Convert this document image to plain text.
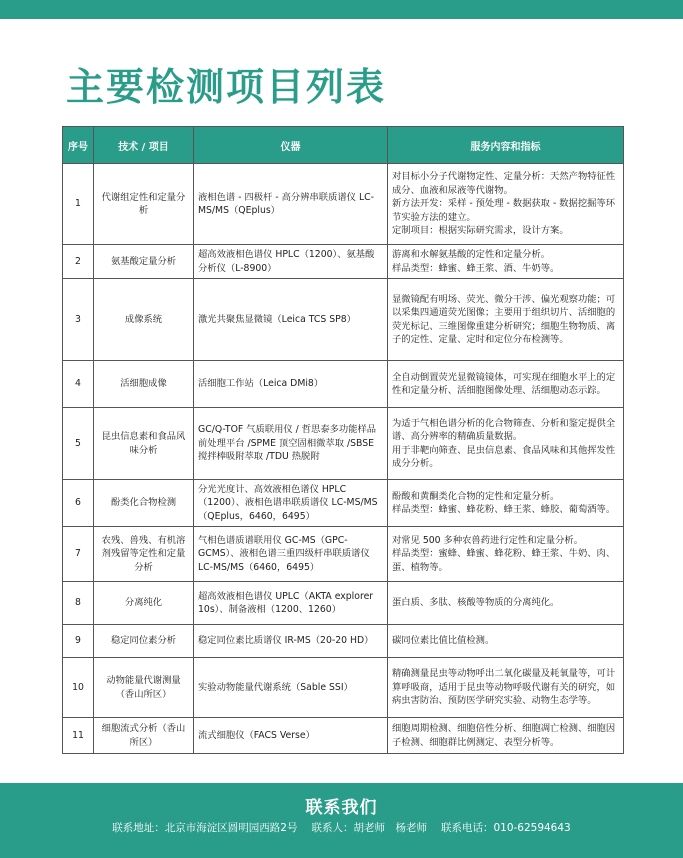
主要检测项目列表
序号	技术 / 项目	仪器	服务内容和指标
1	代谢组定性和定量分析	液相色谱 - 四极杆 - 高分辨串联质谱仪 LC-MS/MS（QEplus）	对目标小分子代谢物定性、定量分析：天然产物特征性成分、血液和尿液等代谢物。
新方法开发：采样 - 预处理 - 数据获取 - 数据挖掘等环节实验方法的建立。
定制项目：根据实际研究需求，设计方案。
2	氨基酸定量分析	超高效液相色谱仪 HPLC（1200）、氨基酸分析仪（L-8900）	游离和水解氨基酸的定性和定量分析。
样品类型：蜂蜜、蜂王浆、酒、牛奶等。
3	成像系统	激光共聚焦显微镜（Leica TCS SP8）	显微镜配有明场、荧光、微分干涉、偏光观察功能；可以采集四通道荧光图像；主要用于组织切片、活细胞的荧光标记、三维图像重建分析研究；细胞生物物质、离子的定性、定量、定时和定位分布检测等。
4	活细胞成像	活细胞工作站（Leica DMi8）	全自动倒置荧光显微镜镜体，可实现在细胞水平上的定性和定量分析、活细胞图像处理、活细胞动态示踪。
5	昆虫信息素和食品风味分析	GC/Q-TOF 气质联用仪 / 哲思泰多功能样品前处理平台 /SPME 顶空固相微萃取 /SBSE 搅拌棒吸附萃取 /TDU 热脱附	为适于气相色谱分析的化合物筛查、分析和鉴定提供全谱、高分辨率的精确质量数据。
用于非靶向筛查、昆虫信息素、食品风味和其他挥发性成分分析。
6	酚类化合物检测	分光光度计、高效液相色谱仪 HPLC（1200）、液相色谱串联质谱仪 LC-MS/MS（QEplus，6460，6495）	酚酸和黄酮类化合物的定性和定量分析。
样品类型：蜂蜜、蜂花粉、蜂王浆、蜂胶、葡萄酒等。
7	农残、兽残、有机溶剂残留等定性和定量分析	气相色谱质谱联用仪 GC-MS（GPC-GCMS）、液相色谱三重四级杆串联质谱仪 LC-MS/MS（6460，6495）	对常见 500 多种农兽药进行定性和定量分析。
样品类型：蜜蜂、蜂蜜、蜂花粉、蜂王浆、牛奶、肉、蛋、植物等。
8	分离纯化	超高效液相色谱仪 UPLC（AKTA explorer 10s）、制备液相（1200、1260）	蛋白质、多肽、核酸等物质的分离纯化。
9	稳定同位素分析	稳定同位素比质谱仪 IR-MS（20-20 HD）	碳同位素比值比值检测。
10	动物能量代谢测量（香山所区）	实验动物能量代谢系统（Sable SSI）	精确测量昆虫等动物呼出二氧化碳量及耗氧量等，可计算呼吸商，适用于昆虫等动物呼吸代谢有关的研究，如病虫害防治、预防医学研究实验、动物生态学等。
11	细胞流式分析（香山所区）	流式细胞仪（FACS Verse）	细胞周期检测、细胞倍性分析、细胞凋亡检测、细胞因子检测、细胞群比例测定、表型分析等。
联系我们
联系地址：北京市海淀区圆明园西路2号 联系人：胡老师　杨老师 联系电话：010-62594643
